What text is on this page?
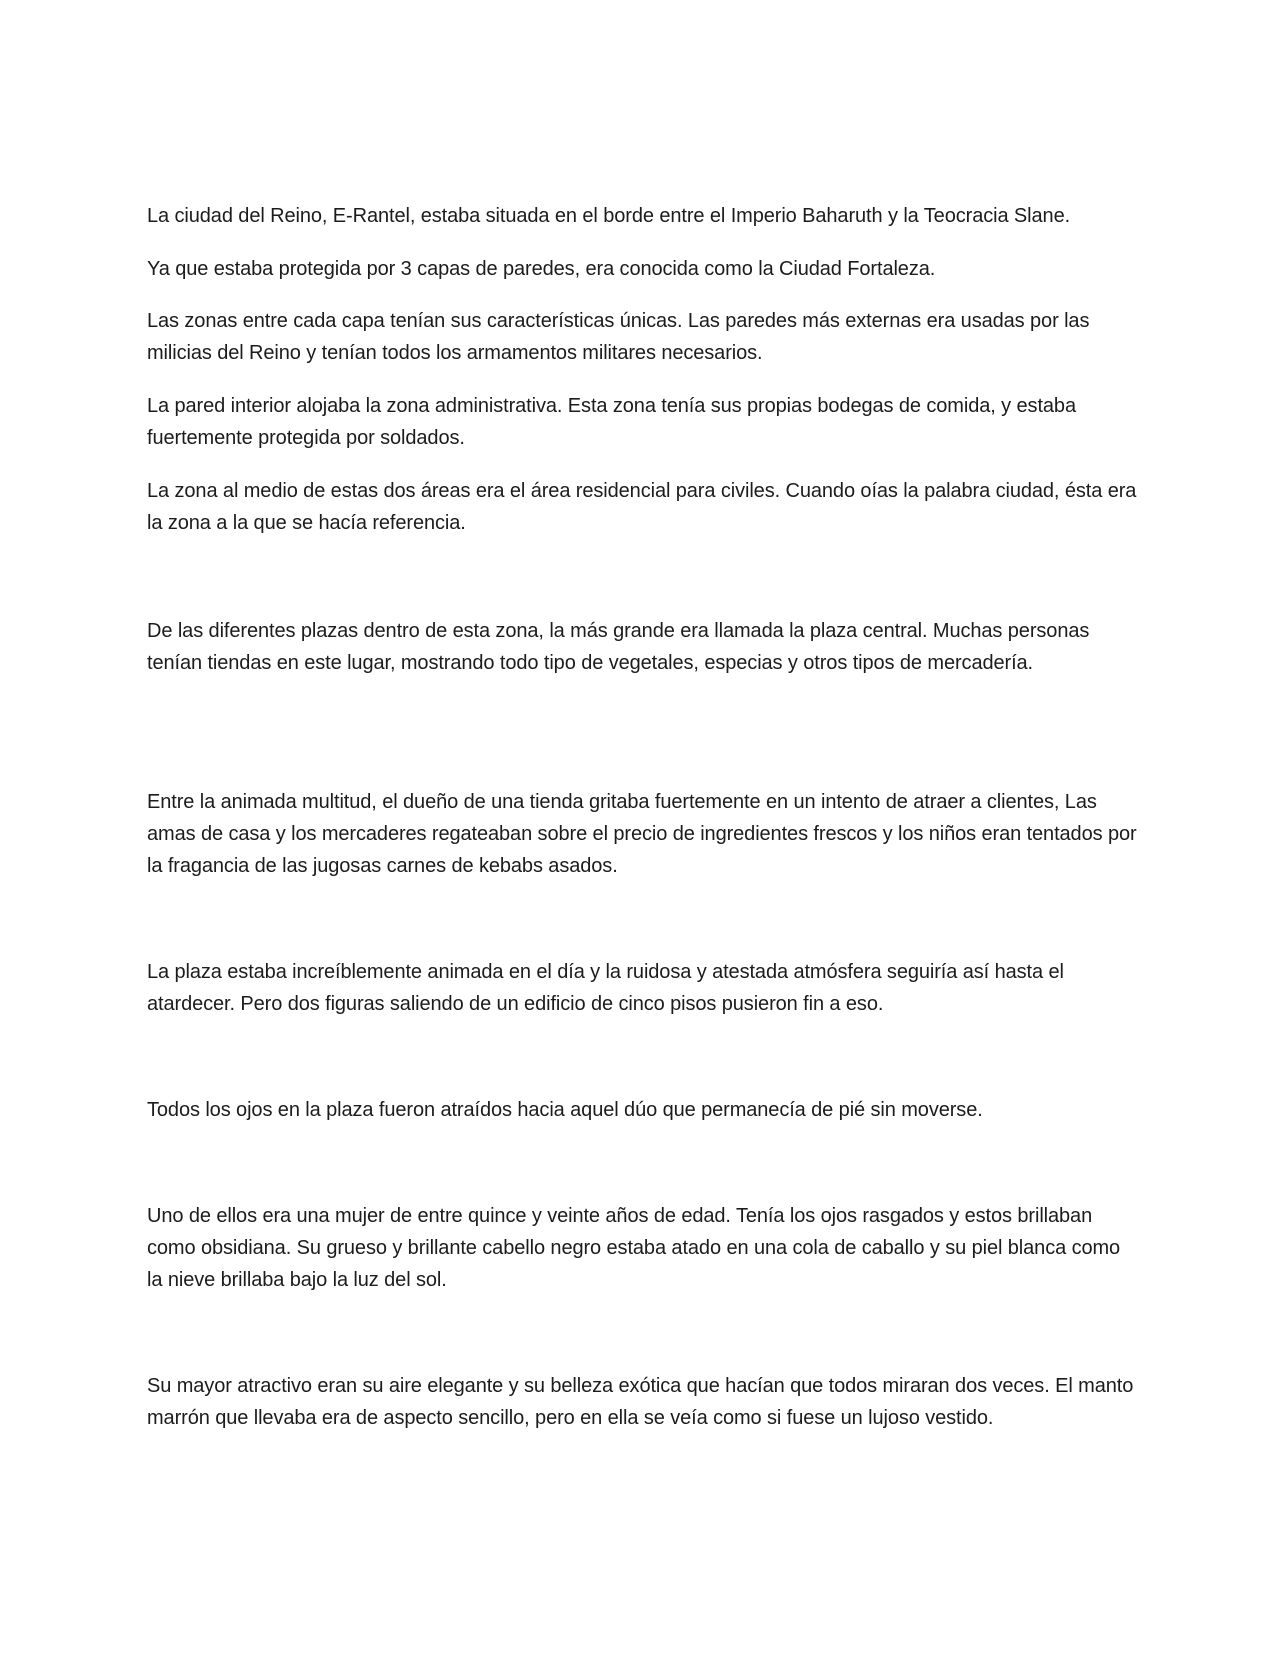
La ciudad del Reino, E-Rantel, estaba situada en el borde entre el Imperio Baharuth y la Teocracia Slane.

Ya que estaba protegida por 3 capas de paredes, era conocida como la Ciudad Fortaleza.

Las zonas entre cada capa tenían sus características únicas. Las paredes más externas era usadas por las milicias del Reino y tenían todos los armamentos militares necesarios.

La pared interior alojaba la zona administrativa. Esta zona tenía sus propias bodegas de comida, y estaba fuertemente protegida por soldados.

La zona al medio de estas dos áreas era el área residencial para civiles. Cuando oías la palabra ciudad, ésta era la zona a la que se hacía referencia.

De las diferentes plazas dentro de esta zona, la más grande era llamada la plaza central. Muchas personas tenían tiendas en este lugar, mostrando todo tipo de vegetales, especias y otros tipos de mercadería.

Entre la animada multitud, el dueño de una tienda gritaba fuertemente en un intento de atraer a clientes, Las amas de casa y los mercaderes regateaban sobre el precio de ingredientes frescos y los niños eran tentados por la fragancia de las jugosas carnes de kebabs asados.

La plaza estaba increíblemente animada en el día y la ruidosa y atestada atmósfera seguiría así hasta el atardecer. Pero dos figuras saliendo de un edificio de cinco pisos pusieron fin a eso.

Todos los ojos en la plaza fueron atraídos hacia aquel dúo que permanecía de pié sin moverse.

Uno de ellos era una mujer de entre quince y veinte años de edad. Tenía los ojos rasgados y estos brillaban como obsidiana. Su grueso y brillante cabello negro estaba atado en una cola de caballo y su piel blanca como la nieve brillaba bajo la luz del sol.

Su mayor atractivo eran su aire elegante y su belleza exótica que hacían que todos miraran dos veces. El manto marrón que llevaba era de aspecto sencillo, pero en ella se veía como si fuese un lujoso vestido.
